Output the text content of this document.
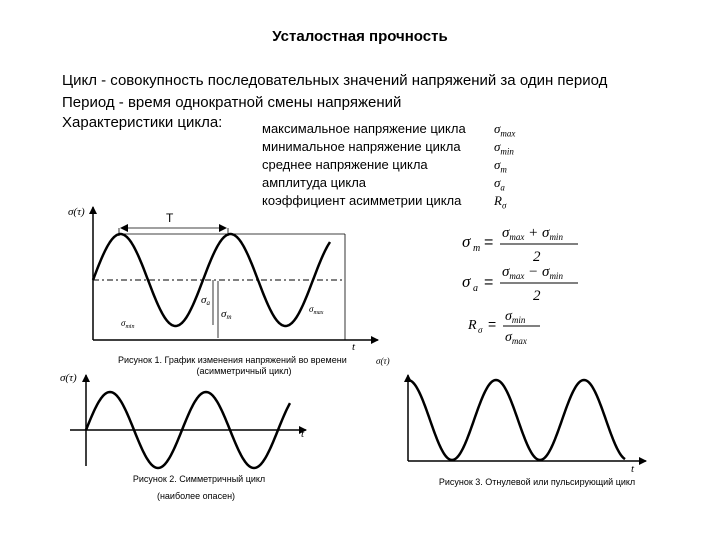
Усталостная прочность
Цикл - совокупность последовательных значений напряжений за один период
Период - время однократной смены напряжений
Характеристики цикла:	максимальное напряжение цикла
минимальное напряжение цикла
среднее напряжение цикла
амплитуда цикла
коэффициент асимметрии цикла
$\sigma_{max}$
$\sigma_{min}$
$\sigma_m$
$\sigma_a$
$R_\sigma$
σ m =
$\sigma_{max} + \sigma_{min}$
2
σ a =
$\sigma_{max} - \sigma_{min}$
2
R $\sigma = \sigma_{min}$
$\sigma_{max}$
σ(τ)
t
T
σa
σm
$\sigma_{max}$
$\sigma_{min}$
Рисунок 1. График изменения напряжений во времени	σ(τ)
(асимметричный цикл)
σ(τ)
t
Рисунок 2. Симметричный цикл
(наиболее опасен)
t
Рисунок 3. Отнулевой или пульсирующий цикл
